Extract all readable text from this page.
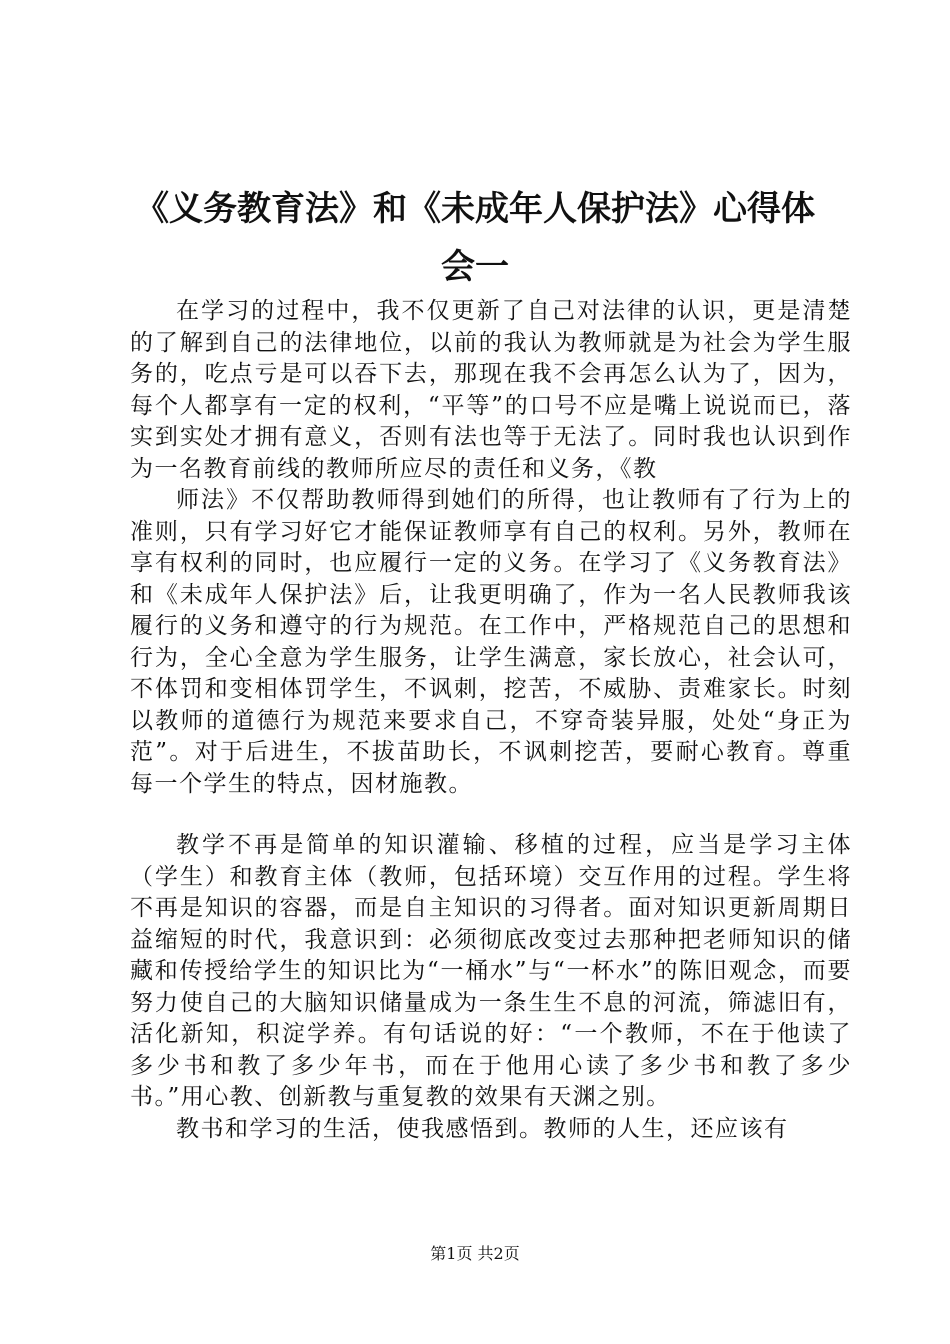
《义务教育法》和《未成年人保护法》心得体会一

在学习的过程中，我不仅更新了自己对法律的认识，更是清楚的了解到自己的法律地位，以前的我认为教师就是为社会为学生服务的，吃点亏是可以吞下去，那现在我不会再怎么认为了，因为，每个人都享有一定的权利，“平等”的口号不应是嘴上说说而已，落实到实处才拥有意义，否则有法也等于无法了。同时我也认识到作为一名教育前线的教师所应尽的责任和义务，《教

师法》不仅帮助教师得到她们的所得，也让教师有了行为上的准则，只有学习好它才能保证教师享有自己的权利。另外，教师在享有权利的同时，也应履行一定的义务。在学习了《义务教育法》和《未成年人保护法》后，让我更明确了，作为一名人民教师我该履行的义务和遵守的行为规范。在工作中，严格规范自己的思想和行为，全心全意为学生服务，让学生满意，家长放心，社会认可，不体罚和变相体罚学生，不讽刺，挖苦，不威胁、责难家长。时刻以教师的道德行为规范来要求自己，不穿奇装异服，处处“身正为范”。对于后进生，不拔苗助长，不讽刺挖苦，要耐心教育。尊重每一个学生的特点，因材施教。

教学不再是简单的知识灌输、移植的过程，应当是学习主体（学生）和教育主体（教师，包括环境）交互作用的过程。学生将不再是知识的容器，而是自主知识的习得者。面对知识更新周期日益缩短的时代，我意识到：必须彻底改变过去那种把老师知识的储藏和传授给学生的知识比为“一桶水”与“一杯水”的陈旧观念，而要努力使自己的大脑知识储量成为一条生生不息的河流，筛滤旧有，活化新知，积淀学养。有句话说的好：“一个教师，不在于他读了多少书和教了多少年书，而在于他用心读了多少书和教了多少书。”用心教、创新教与重复教的效果有天渊之别。

教书和学习的生活，使我感悟到。教师的人生，还应该有

第1页 共2页
